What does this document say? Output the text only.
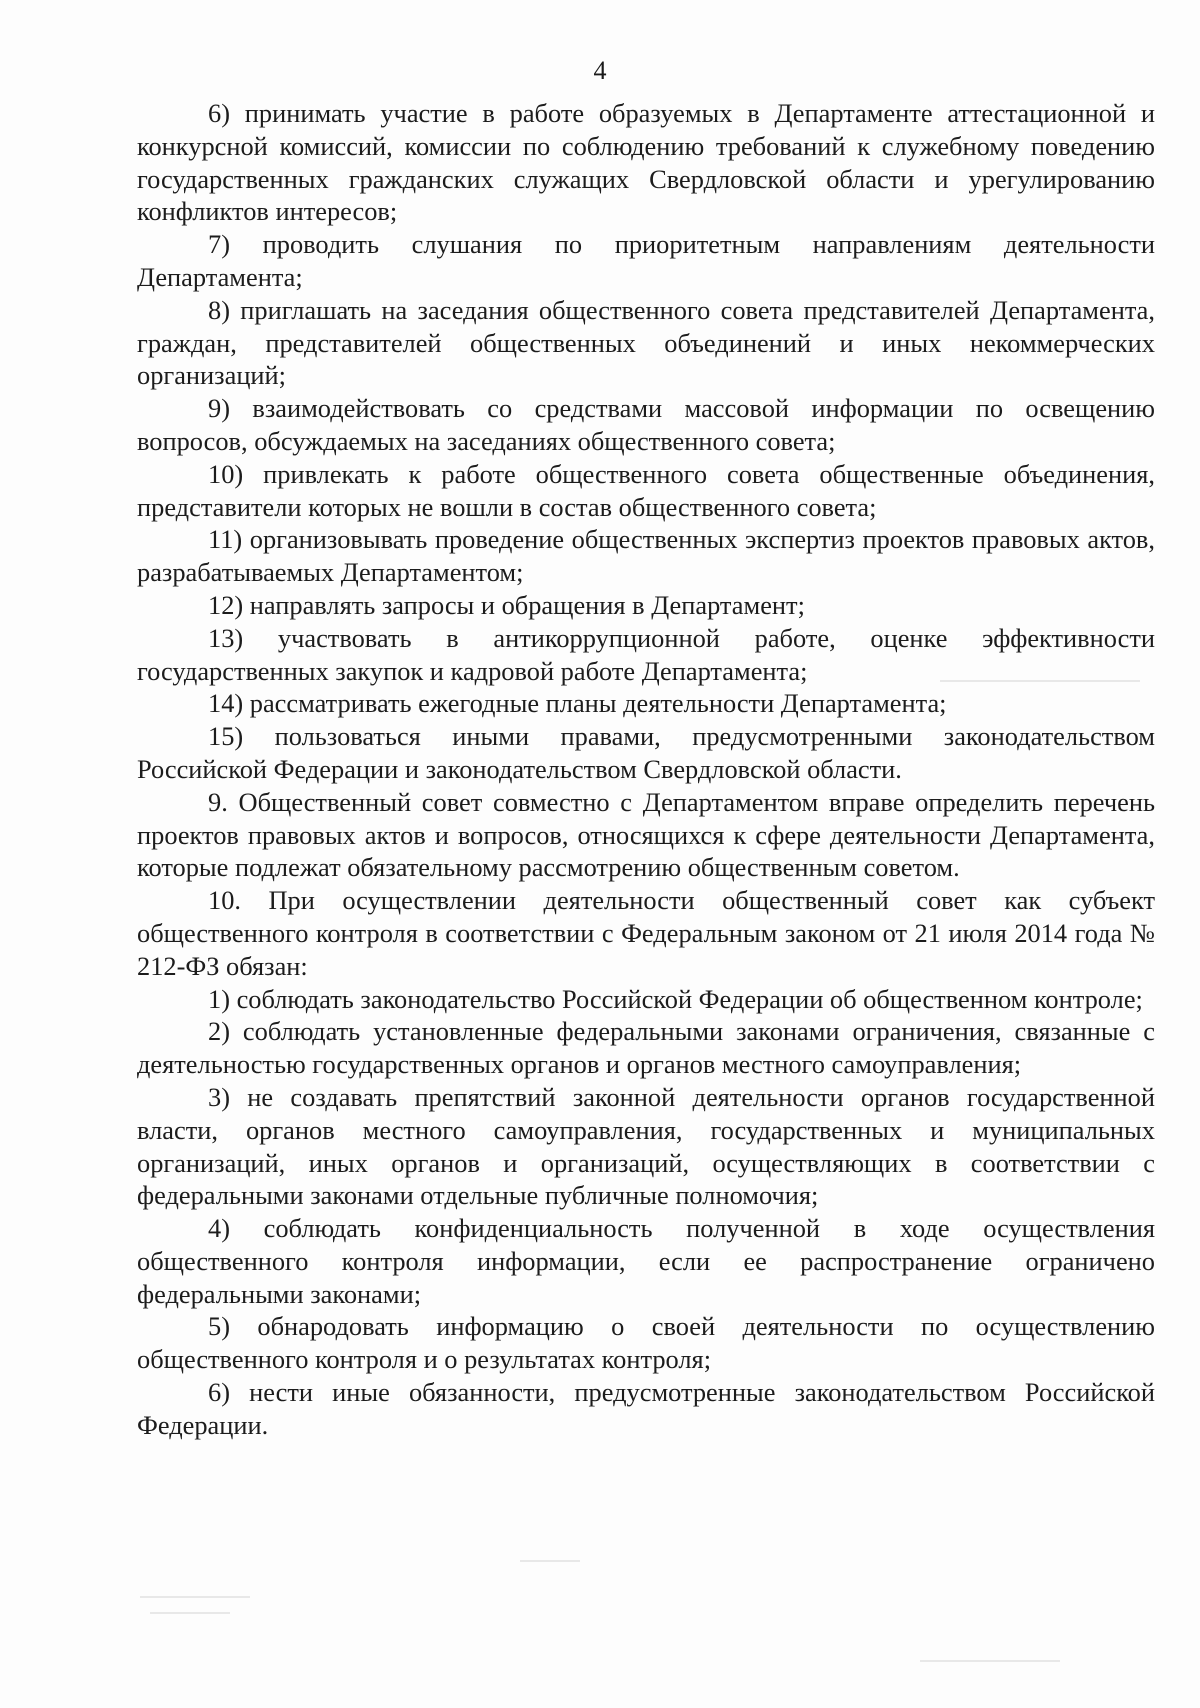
4

6) принимать участие в работе образуемых в Департаменте аттестационной и конкурсной комиссий, комиссии по соблюдению требований к служебному поведению государственных гражданских служащих Свердловской области и урегулированию конфликтов интересов;

7) проводить слушания по приоритетным направлениям деятельности Департамента;

8) приглашать на заседания общественного совета представителей Департамента, граждан, представителей общественных объединений и иных некоммерческих организаций;

9) взаимодействовать со средствами массовой информации по освещению вопросов, обсуждаемых на заседаниях общественного совета;

10) привлекать к работе общественного совета общественные объединения, представители которых не вошли в состав общественного совета;

11) организовывать проведение общественных экспертиз проектов правовых актов, разрабатываемых Департаментом;

12) направлять запросы и обращения в Департамент;

13) участвовать в антикоррупционной работе, оценке эффективности государственных закупок и кадровой работе Департамента;

14) рассматривать ежегодные планы деятельности Департамента;

15) пользоваться иными правами, предусмотренными законодательством Российской Федерации и законодательством Свердловской области.

9. Общественный совет совместно с Департаментом вправе определить перечень проектов правовых актов и вопросов, относящихся к сфере деятельности Департамента, которые подлежат обязательному рассмотрению общественным советом.

10. При осуществлении деятельности общественный совет как субъект общественного контроля в соответствии с Федеральным законом от 21 июля 2014 года № 212-ФЗ обязан:

1) соблюдать законодательство Российской Федерации об общественном контроле;

2) соблюдать установленные федеральными законами ограничения, связанные с деятельностью государственных органов и органов местного самоуправления;

3) не создавать препятствий законной деятельности органов государственной власти, органов местного самоуправления, государственных и муниципальных организаций, иных органов и организаций, осуществляющих в соответствии с федеральными законами отдельные публичные полномочия;

4) соблюдать конфиденциальность полученной в ходе осуществления общественного контроля информации, если ее распространение ограничено федеральными законами;

5) обнародовать информацию о своей деятельности по осуществлению общественного контроля и о результатах контроля;

6) нести иные обязанности, предусмотренные законодательством Российской Федерации.
